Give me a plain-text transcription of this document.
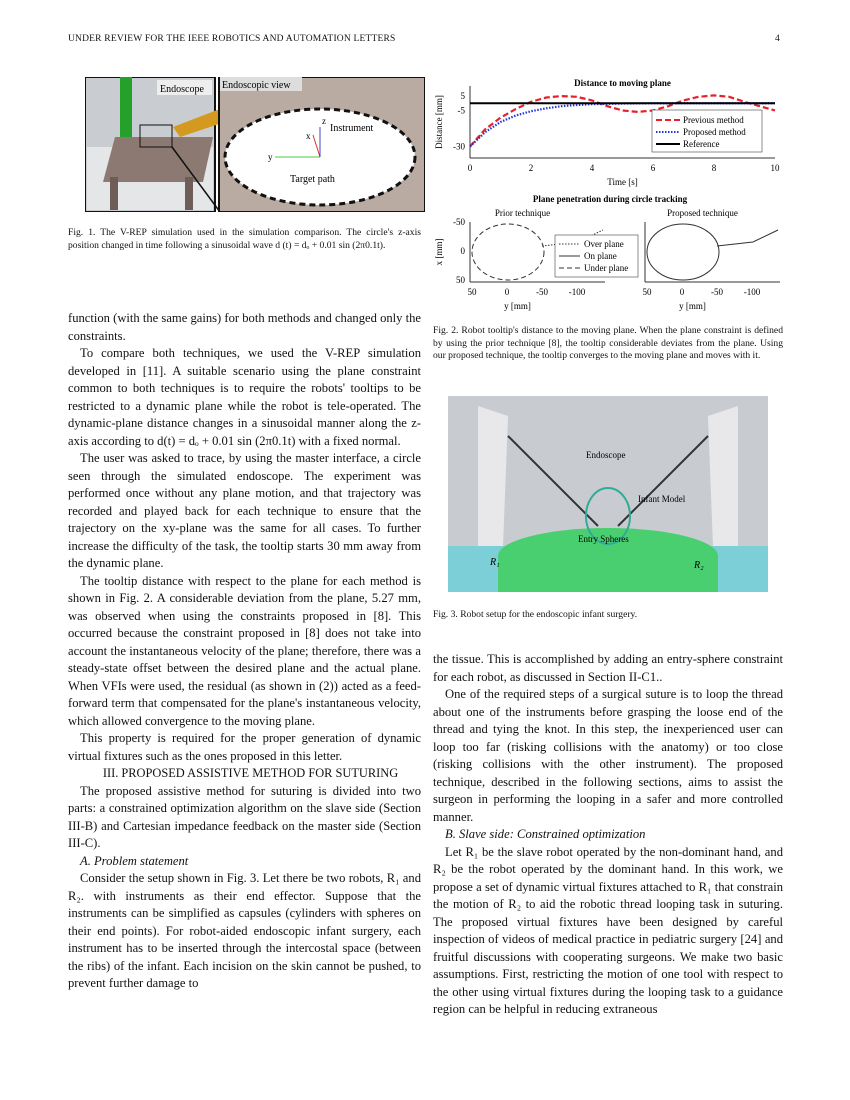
UNDER REVIEW FOR THE IEEE ROBOTICS AND AUTOMATION LETTERS	4
x
y
z
Endoscope Endoscopic view
Instrument
Target path
Fig. 1. The V-REP simulation used in the simulation comparison. The circle's z-axis position changed in time following a sinusoidal wave d (t) = dₒ + 0.01 sin (2π0.1t).
Distance to moving plane
0	2	4	6	8	10
5
-5
-30
Time [s]
Distance [mm]	Previous method
Proposed method
Reference
Plane penetration during circle tracking
Prior technique
50	0	-50 -100
y [mm]
Proposed technique
50	0	-50 -100
y [mm]
-50
0
50
x [mm]	Over plane
On plane
Under plane
Fig. 2. Robot tooltip's distance to the moving plane. When the plane constraint is defined by using the prior technique [8], the tooltip considerable deviates from the plane. Using our proposed technique, the tooltip converges to the moving plane and moves with it.
Endoscope
Infant Model
Entry Spheres
R₁	R₂
Fig. 3. Robot setup for the endoscopic infant surgery.

function (with the same gains) for both methods and changed only the constraints.

To compare both techniques, we used the V-REP simulation developed in [11]. A suitable scenario using the plane constraint common to both techniques is to require the robots' tooltips to be restricted to a dynamic plane while the robot is tele-operated. The dynamic-plane distance changes in a sinusoidal manner along the z-axis according to d(t) = dₒ + 0.01 sin (2π0.1t) with a fixed normal.

The user was asked to trace, by using the master interface, a circle seen through the simulated endoscope. The experiment was performed once without any plane motion, and that trajectory was recorded and played back for each technique to ensure that the trajectory on the xy-plane was the same for all cases. To further increase the difficulty of the task, the tooltip starts 30 mm away from the dynamic plane.

The tooltip distance with respect to the plane for each method is shown in Fig. 2. A considerable deviation from the plane, 5.27 mm, was observed when using the constraints proposed in [8]. This occurred because the constraint proposed in [8] does not take into account the instantaneous velocity of the plane; therefore, there was a steady-state offset between the desired plane and the actual plane. When VFIs were used, the residual (as shown in (2)) acted as a feed-forward term that compensated for the plane's instantaneous velocity, which allowed convergence to the moving plane.

This property is required for the proper generation of dynamic virtual fixtures such as the ones proposed in this letter.

III. PROPOSED ASSISTIVE METHOD FOR SUTURING

The proposed assistive method for suturing is divided into two parts: a constrained optimization algorithm on the slave side (Section III-B) and Cartesian impedance feedback on the master side (Section III-C).

A. Problem statement

Consider the setup shown in Fig. 3. Let there be two robots, R₁ and R₂. with instruments as their end effector. Suppose that the instruments can be simplified as capsules (cylinders with spheres on their end points). For robot-aided endoscopic infant surgery, each instrument has to be inserted through the intercostal space (between the ribs) of the infant. Each incision on the skin cannot be pushed, to prevent further damage to

the tissue. This is accomplished by adding an entry-sphere constraint for each robot, as discussed in Section II-C1..

One of the required steps of a surgical suture is to loop the thread about one of the instruments before grasping the loose end of the thread and tying the knot. In this step, the inexperienced user can loop too far (risking collisions with the anatomy) or too close (risking collisions with the other instrument). The proposed technique, described in the following sections, aims to assist the surgeon in performing the looping in a safer and more controlled manner.

B. Slave side: Constrained optimization

Let R₁ be the slave robot operated by the non-dominant hand, and R₂ be the robot operated by the dominant hand. In this work, we propose a set of dynamic virtual fixtures attached to R₁ that constrain the motion of R₂ to aid the robotic thread looping task in suturing. The proposed virtual fixtures have been designed by careful inspection of videos of medical practice in pediatric surgery [24] and fruitful discussions with cooperating surgeons. We make two basic assumptions. First, restricting the motion of one tool with respect to the other using virtual fixtures during the looping task to a guidance region can be helpful in reducing extraneous
